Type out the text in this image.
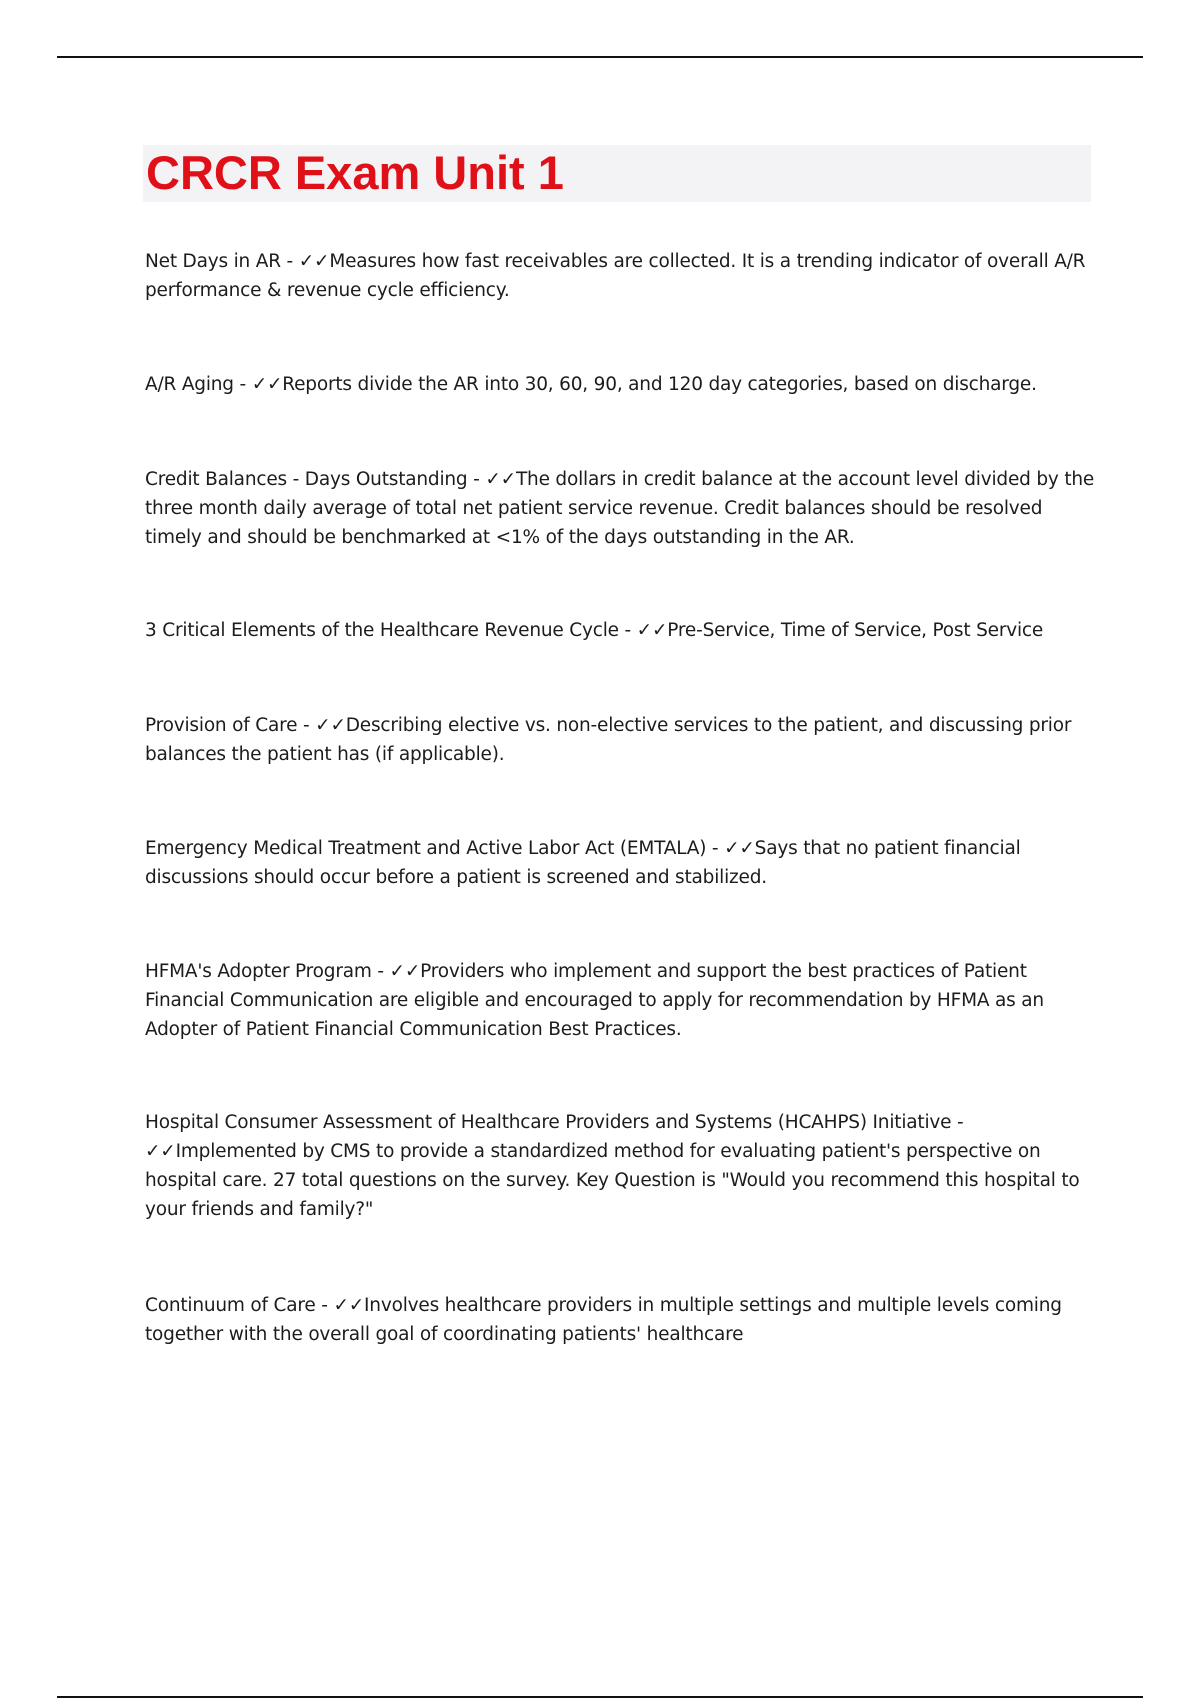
CRCR Exam Unit 1

Net Days in AR - ✓✓Measures how fast receivables are collected. It is a trending indicator of overall A/R performance & revenue cycle efficiency.

A/R Aging - ✓✓Reports divide the AR into 30, 60, 90, and 120 day categories, based on discharge.

Credit Balances - Days Outstanding - ✓✓The dollars in credit balance at the account level divided by the three month daily average of total net patient service revenue. Credit balances should be resolved timely and should be benchmarked at <1% of the days outstanding in the AR.

3 Critical Elements of the Healthcare Revenue Cycle - ✓✓Pre-Service, Time of Service, Post Service

Provision of Care - ✓✓Describing elective vs. non-elective services to the patient, and discussing prior balances the patient has (if applicable).

Emergency Medical Treatment and Active Labor Act (EMTALA) - ✓✓Says that no patient financial discussions should occur before a patient is screened and stabilized.

HFMA's Adopter Program - ✓✓Providers who implement and support the best practices of Patient Financial Communication are eligible and encouraged to apply for recommendation by HFMA as an Adopter of Patient Financial Communication Best Practices.

Hospital Consumer Assessment of Healthcare Providers and Systems (HCAHPS) Initiative -
✓✓Implemented by CMS to provide a standardized method for evaluating patient's perspective on hospital care. 27 total questions on the survey. Key Question is "Would you recommend this hospital to your friends and family?"

Continuum of Care - ✓✓Involves healthcare providers in multiple settings and multiple levels coming together with the overall goal of coordinating patients' healthcare
